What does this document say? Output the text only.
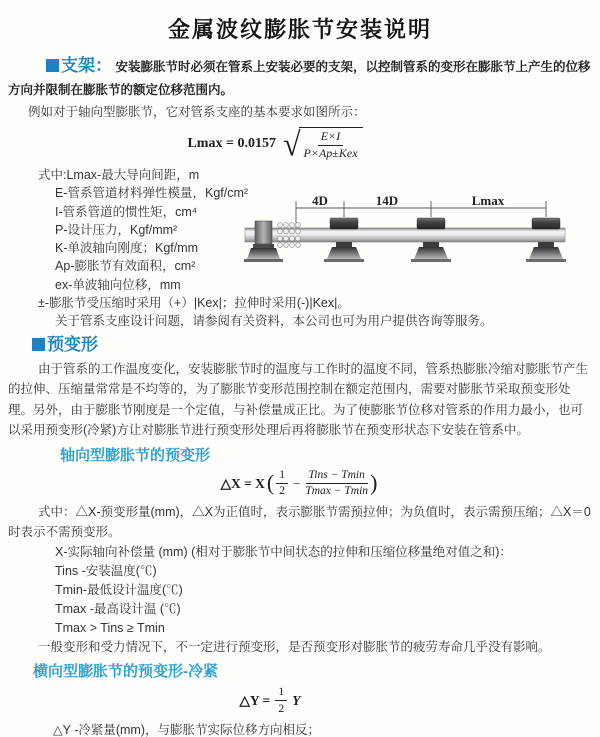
金属波纹膨胀节安装说明

支架： 安装膨胀节时必须在管系上安装必要的支架，以控制管系的变形在膨胀节上产生的位移方向并限制在膨胀节的额定位移范围内。

例如对于轴向型膨胀节，它对管系支座的基本要求如图所示：

Lmax = 0.0157 √
$\frac{E\times I}{\text{P×Ap±Kex}}$
式中:Lmax-最大导向间距，m
E-管系管道材料弹性模量，Kgf/cm²
I-管系管道的惯性矩，cm⁴
P-设计压力，Kgf/mm²
K-单波轴向刚度；Kgf/mm
Ap-膨胀节有效面积，cm²
ex-单波轴向位移，mm
±-膨胀节受压缩时采用（+）|Kex|；拉伸时采用(-)|Kex|。
关于管系支座设计问题，请参阅有关资料，本公司也可为用户提供咨询等服务。
预变形

由于管系的工作温度变化，安装膨胀节时的温度与工作时的温度不同，管系热膨胀冷缩对膨胀节产生的拉伸、压缩量常常是不均等的，为了膨胀节变形范围控制在额定范围内，需要对膨胀节采取预变形处理。另外，由于膨胀节刚度是一个定值，与补偿量成正比。为了使膨胀节位移对管系的作用力最小，也可以采用预变形(冷紧)方让对膨胀节进行预变形处理后再将膨胀节在预变形状态下安装在管系中。

轴向型膨胀节的预变形
△X = X ( $\frac{1}{2} - \frac{\text{Tins − Tmin}}{Tmax - Tmin}$ )

式中：△X-预变形量(mm)，△X为正值时，表示膨胀节需预拉伸；为负值时，表示需预压缩；△X＝0时表示不需预变形。

X-实际轴向补偿量 (mm) (相对于膨胀节中间状态的拉伸和压缩位移量绝对值之和)：
Tins -安装温度(℃)
Tmin-最低设计温度(℃)
Tmax -最高设计温 (℃)
Tmax > Tins ≥ Tmin

一般变形和受力情况下，不一定进行预变形，是否预变形对膨胀节的疲劳寿命几乎没有影响。

横向型膨胀节的预变形-冷紧
△Y = $\frac{1}{2}$ Y

△Y -冷紧量(mm)，与膨胀节实际位移方向相反；

4D	14D	Lmax
